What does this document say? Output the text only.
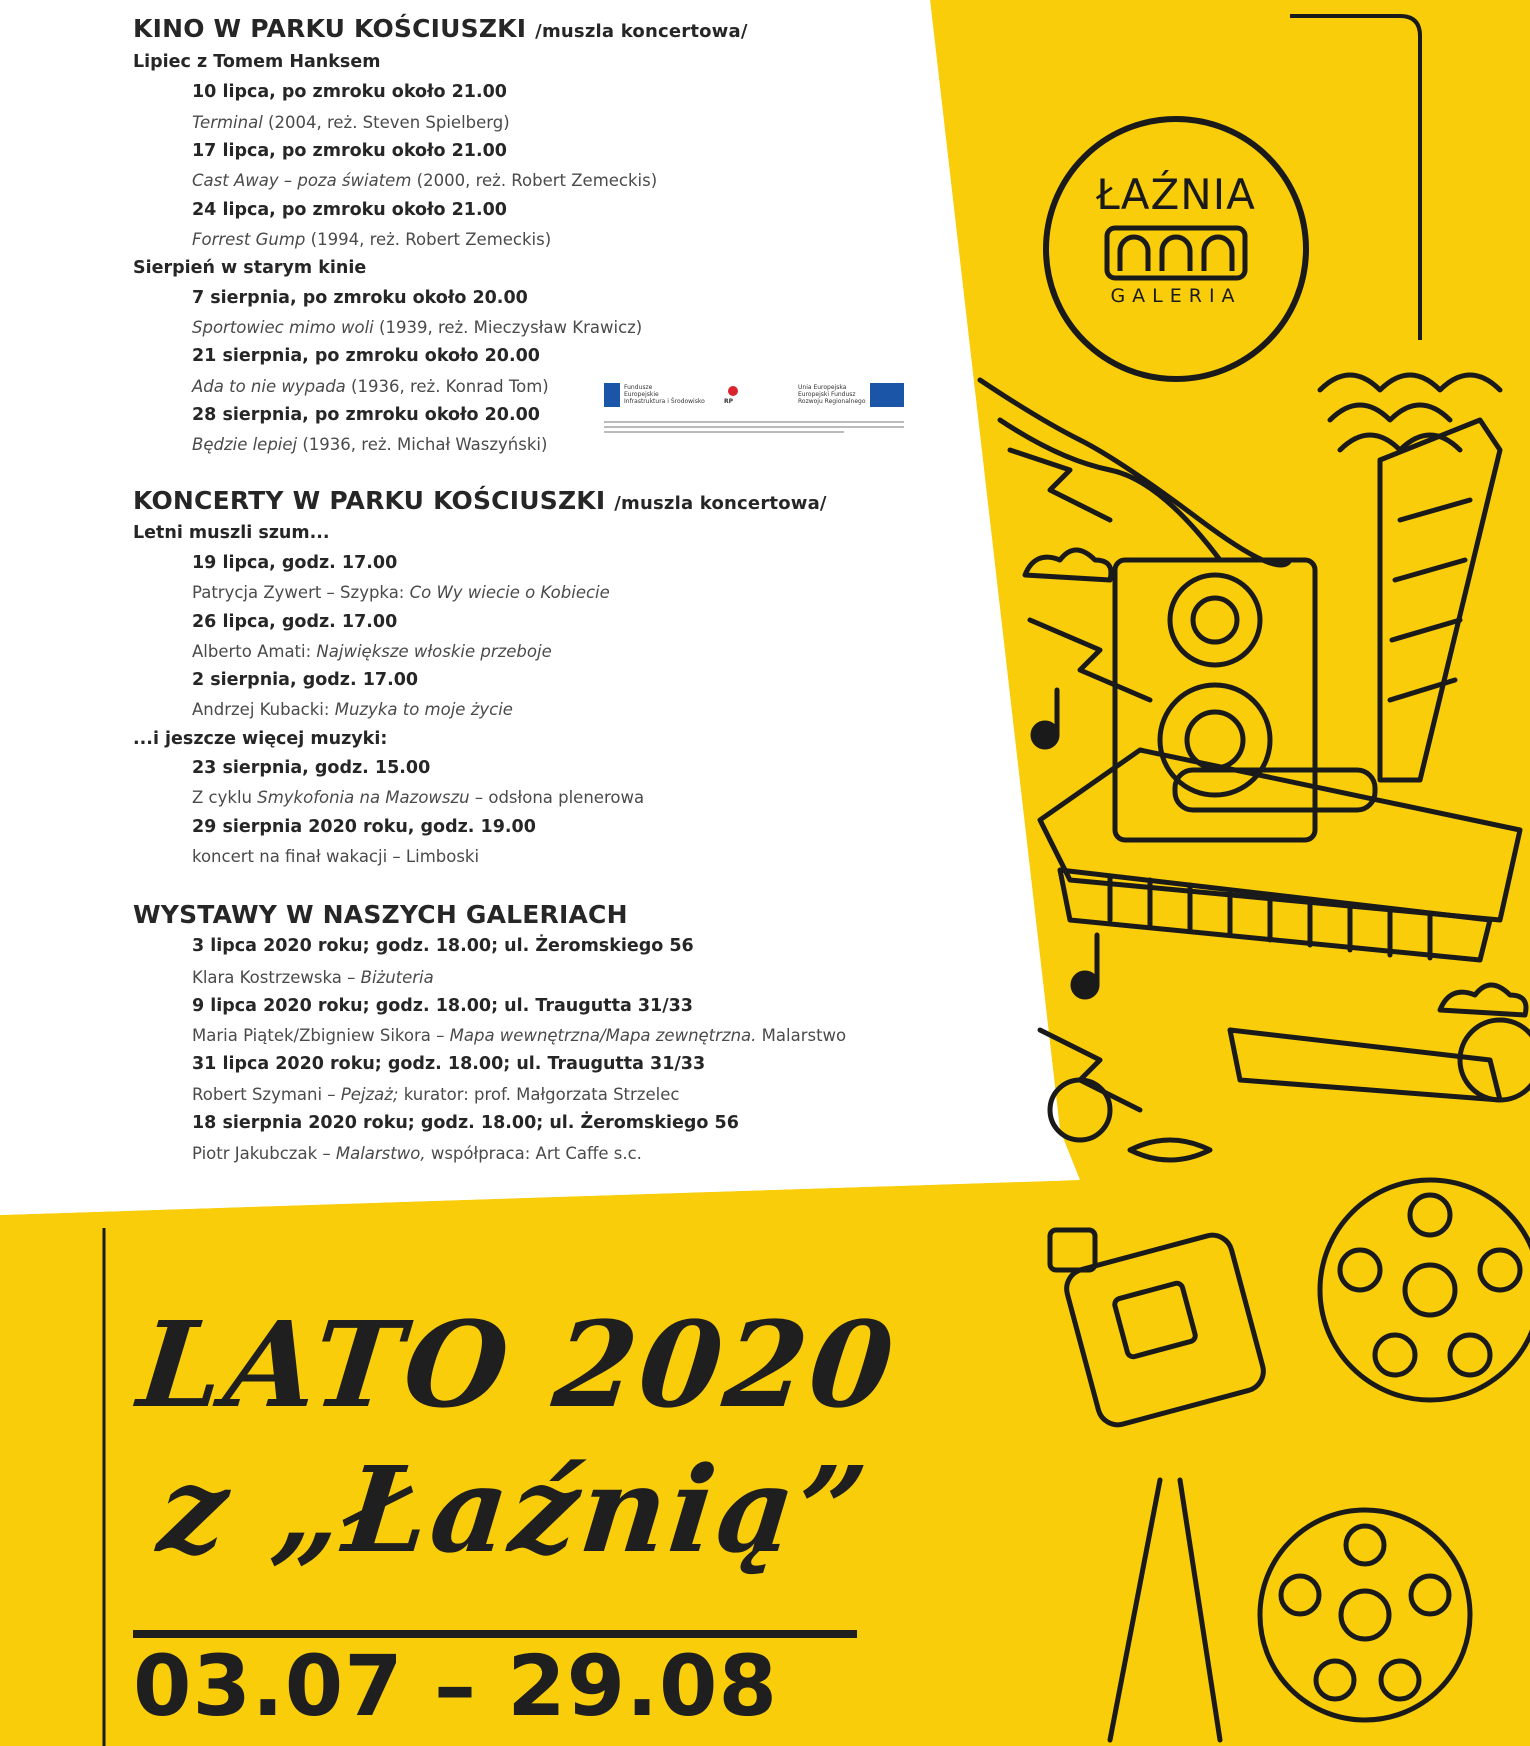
KINO W PARKU KOŚCIUSZKI /muszla koncertowa/
Lipiec z Tomem Hanksem
10 lipca, po zmroku około 21.00
Terminal (2004, reż. Steven Spielberg)
17 lipca, po zmroku około 21.00
Cast Away – poza światem (2000, reż. Robert Zemeckis)
24 lipca, po zmroku około 21.00
Forrest Gump (1994, reż. Robert Zemeckis)
Sierpień w starym kinie
7 sierpnia, po zmroku około 20.00
Sportowiec mimo woli (1939, reż. Mieczysław Krawicz)
21 sierpnia, po zmroku około 20.00
Ada to nie wypada (1936, reż. Konrad Tom)
28 sierpnia, po zmroku około 20.00
Będzie lepiej (1936, reż. Michał Waszyński)
Fundusze
Europejskie
Infrastruktura i Środowisko	RP
Unia Europejska
Europejski Fundusz
Rozwoju Regionalnego
KONCERTY W PARKU KOŚCIUSZKI /muszla koncertowa/
Letni muszli szum...
19 lipca, godz. 17.00
Patrycja Zywert – Szypka: Co Wy wiecie o Kobiecie
26 lipca, godz. 17.00
Alberto Amati: Największe włoskie przeboje
2 sierpnia, godz. 17.00
Andrzej Kubacki: Muzyka to moje życie
...i jeszcze więcej muzyki:
23 sierpnia, godz. 15.00
Z cyklu Smykofonia na Mazowszu – odsłona plenerowa
29 sierpnia 2020 roku, godz. 19.00
koncert na finał wakacji – Limboski
WYSTAWY W NASZYCH GALERIACH
3 lipca 2020 roku; godz. 18.00; ul. Żeromskiego 56
Klara Kostrzewska – Biżuteria
9 lipca 2020 roku; godz. 18.00; ul. Traugutta 31/33
Maria Piątek/Zbigniew Sikora – Mapa wewnętrzna/Mapa zewnętrzna. Malarstwo
31 lipca 2020 roku; godz. 18.00; ul. Traugutta 31/33
Robert Szymani – Pejzaż; kurator: prof. Małgorzata Strzelec
18 sierpnia 2020 roku; godz. 18.00; ul. Żeromskiego 56
Piotr Jakubczak – Malarstwo, współpraca: Art Caffe s.c.
ŁAŹNIA
GALERIA
LATO 2020
z „Łaźnią”
03.07 – 29.08
